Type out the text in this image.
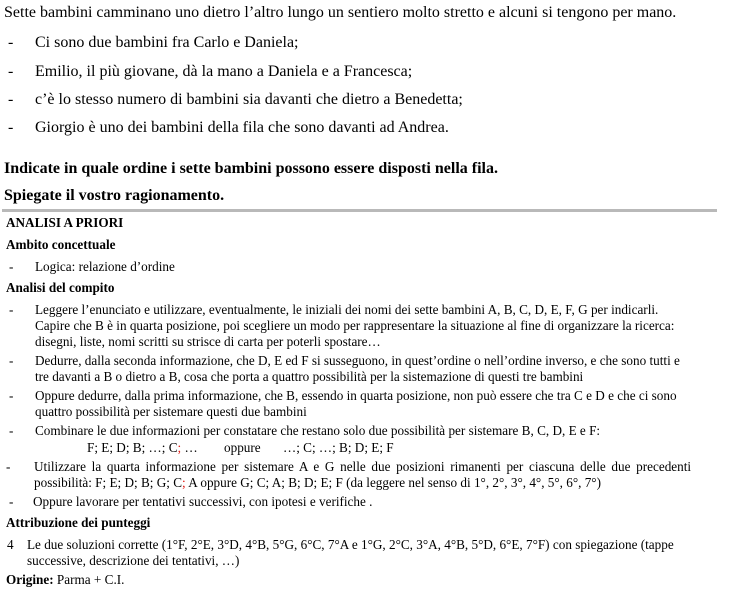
Sette bambini camminano uno dietro l’altro lungo un sentiero molto stretto e alcuni si tengono per mano.
- Ci sono due bambini fra Carlo e Daniela;
- Emilio, il più giovane, dà la mano a Daniela e a Francesca;
- c’è lo stesso numero di bambini sia davanti che dietro a Benedetta;
- Giorgio è uno dei bambini della fila che sono davanti ad Andrea.
Indicate in quale ordine i sette bambini possono essere disposti nella fila.
Spiegate il vostro ragionamento.
ANALISI A PRIORI
Ambito concettuale
- Logica: relazione d’ordine
Analisi del compito
- Leggere l’enunciato e utilizzare, eventualmente, le iniziali dei nomi dei sette bambini A, B, C, D, E, F, G per indicarli.
Capire che B è in quarta posizione, poi scegliere un modo per rappresentare la situazione al fine di organizzare la ricerca:
disegni, liste, nomi scritti su strisce di carta per poterli spostare…
- Dedurre, dalla seconda informazione, che D, E ed F si susseguono, in quest’ordine o nell’ordine inverso, e che sono tutti e
tre davanti a B o dietro a B, cosa che porta a quattro possibilità per la sistemazione di questi tre bambini
- Oppure dedurre, dalla prima informazione, che B, essendo in quarta posizione, non può essere che tra C e D e che ci sono
quattro possibilità per sistemare questi due bambini
- Combinare le due informazioni per constatare che restano solo due possibilità per sistemare B, C, D, E e F:
F; E; D; B; …; C; … oppure …; C; …; B; D; E; F
- Utilizzare la quarta informazione per sistemare A e G nelle due posizioni rimanenti per ciascuna delle due precedenti
possibilità: F; E; D; B; G; C; A oppure G; C; A; B; D; E; F (da leggere nel senso di 1°, 2°, 3°, 4°, 5°, 6°, 7°)
- Oppure lavorare per tentativi successivi, con ipotesi e verifiche .
Attribuzione dei punteggi
4 Le due soluzioni corrette (1°F, 2°E, 3°D, 4°B, 5°G, 6°C, 7°A e 1°G, 2°C, 3°A, 4°B, 5°D, 6°E, 7°F) con spiegazione (tappe
successive, descrizione dei tentativi, …)
Origine: Parma + C.I.
